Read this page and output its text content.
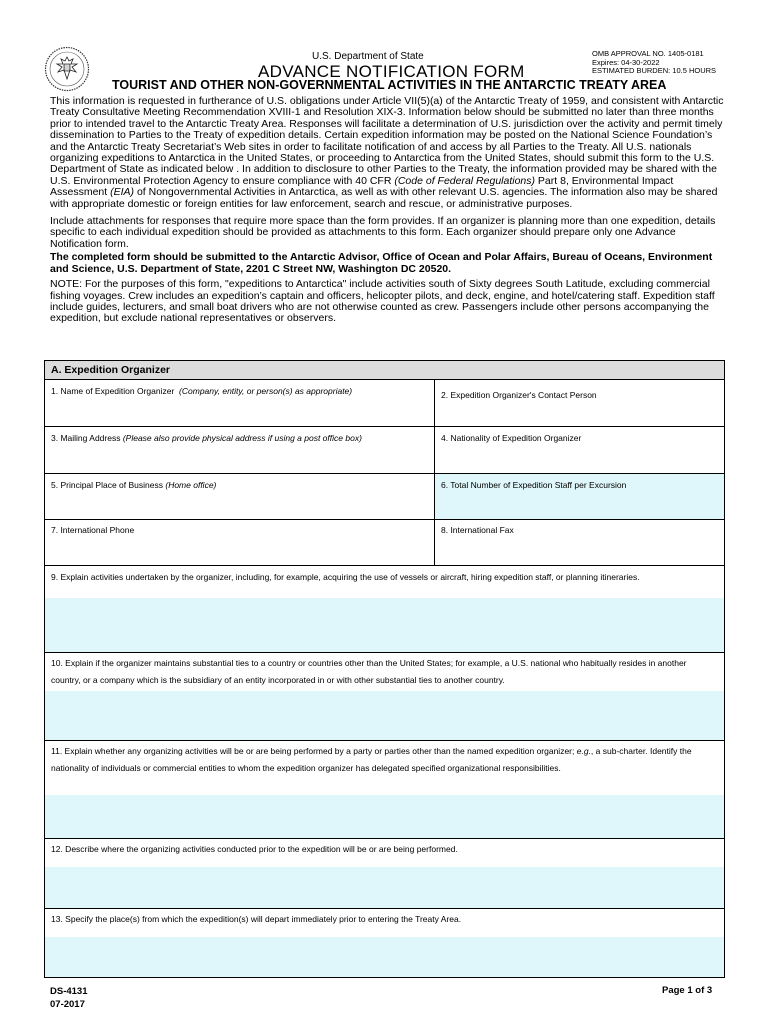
U.S. Department of State	OMB APPROVAL NO. 1405-0181
Expires: 04-30-2022
ESTIMATED BURDEN: 10.5 HOURS
ADVANCE NOTIFICATION FORM
TOURIST AND OTHER NON-GOVERNMENTAL ACTIVITIES IN THE ANTARCTIC TREATY AREA

This information is requested in furtherance of U.S. obligations under Article VII(5)(a) of the Antarctic Treaty of 1959, and consistent with Antarctic Treaty Consultative Meeting Recommendation XVIII-1 and Resolution XIX-3. Information below should be submitted no later than three months prior to intended travel to the Antarctic Treaty Area. Responses will facilitate a determination of U.S. jurisdiction over the activity and permit timely dissemination to Parties to the Treaty of expedition details. Certain expedition information may be posted on the National Science Foundation’s and the Antarctic Treaty Secretariat’s Web sites in order to facilitate notification of and access by all Parties to the Treaty. All U.S. nationals organizing expeditions to Antarctica in the United States, or proceeding to Antarctica from the United States, should submit this form to the U.S. Department of State as indicated below . In addition to disclosure to other Parties to the Treaty, the information provided may be shared with the U.S. Environmental Protection Agency to ensure compliance with 40 CFR (Code of Federal Regulations) Part 8, Environmental Impact Assessment (EIA) of Nongovernmental Activities in Antarctica, as well as with other relevant U.S. agencies. The information also may be shared with appropriate domestic or foreign entities for law enforcement, search and rescue, or administrative purposes.

Include attachments for responses that require more space than the form provides. If an organizer is planning more than one expedition, details specific to each individual expedition should be provided as attachments to this form. Each organizer should prepare only one Advance Notification form.

The completed form should be submitted to the Antarctic Advisor, Office of Ocean and Polar Affairs, Bureau of Oceans, Environment and Science, U.S. Department of State, 2201 C Street NW, Washington DC 20520.

NOTE: For the purposes of this form, "expeditions to Antarctica" include activities south of Sixty degrees South Latitude, excluding commercial fishing voyages. Crew includes an expedition’s captain and officers, helicopter pilots, and deck, engine, and hotel/catering staff. Expedition staff include guides, lecturers, and small boat drivers who are not otherwise counted as crew. Passengers include other persons accompanying the expedition, but exclude national representatives or observers.

A. Expedition Organizer
1. Name of Expedition Organizer (Company, entity, or person(s) as appropriate)	2. Expedition Organizer's Contact Person
3. Mailing Address (Please also provide physical address if using a post office box)	4. Nationality of Expedition Organizer
5. Principal Place of Business (Home office)	6. Total Number of Expedition Staff per Excursion
7. International Phone	8. International Fax
9. Explain activities undertaken by the organizer, including, for example, acquiring the use of vessels or aircraft, hiring expedition staff, or planning itineraries.
10. Explain if the organizer maintains substantial ties to a country or countries other than the United States; for example, a U.S. national who habitually resides in another country, or a company which is the subsidiary of an entity incorporated in or with other substantial ties to another country.
11. Explain whether any organizing activities will be or are being performed by a party or parties other than the named expedition organizer; e.g., a sub-charter. Identify the nationality of individuals or commercial entities to whom the expedition organizer has delegated specified organizational responsibilities.
12. Describe where the organizing activities conducted prior to the expedition will be or are being performed.
13. Specify the place(s) from which the expedition(s) will depart immediately prior to entering the Treaty Area.
DS-4131
07-2017
Page 1 of 3
